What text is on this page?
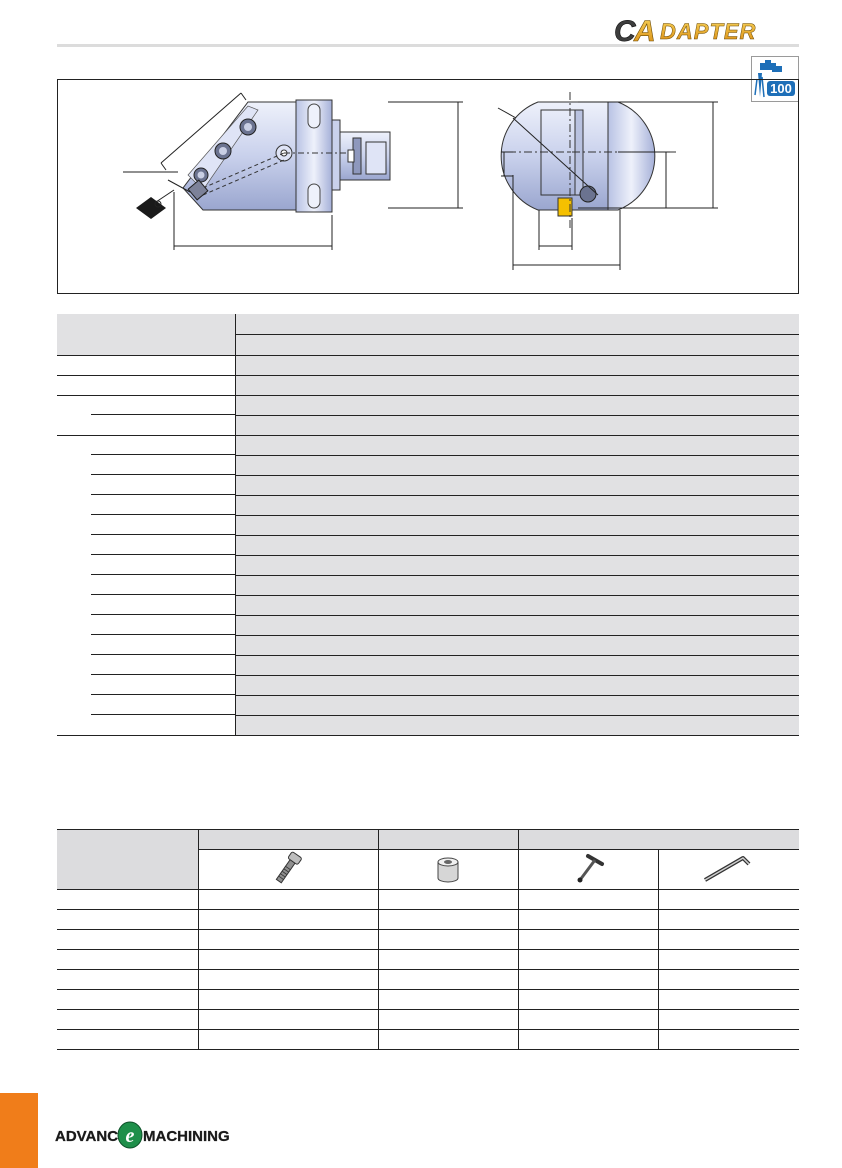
C
A DAPTER
100

ADVANC e MACHINING
